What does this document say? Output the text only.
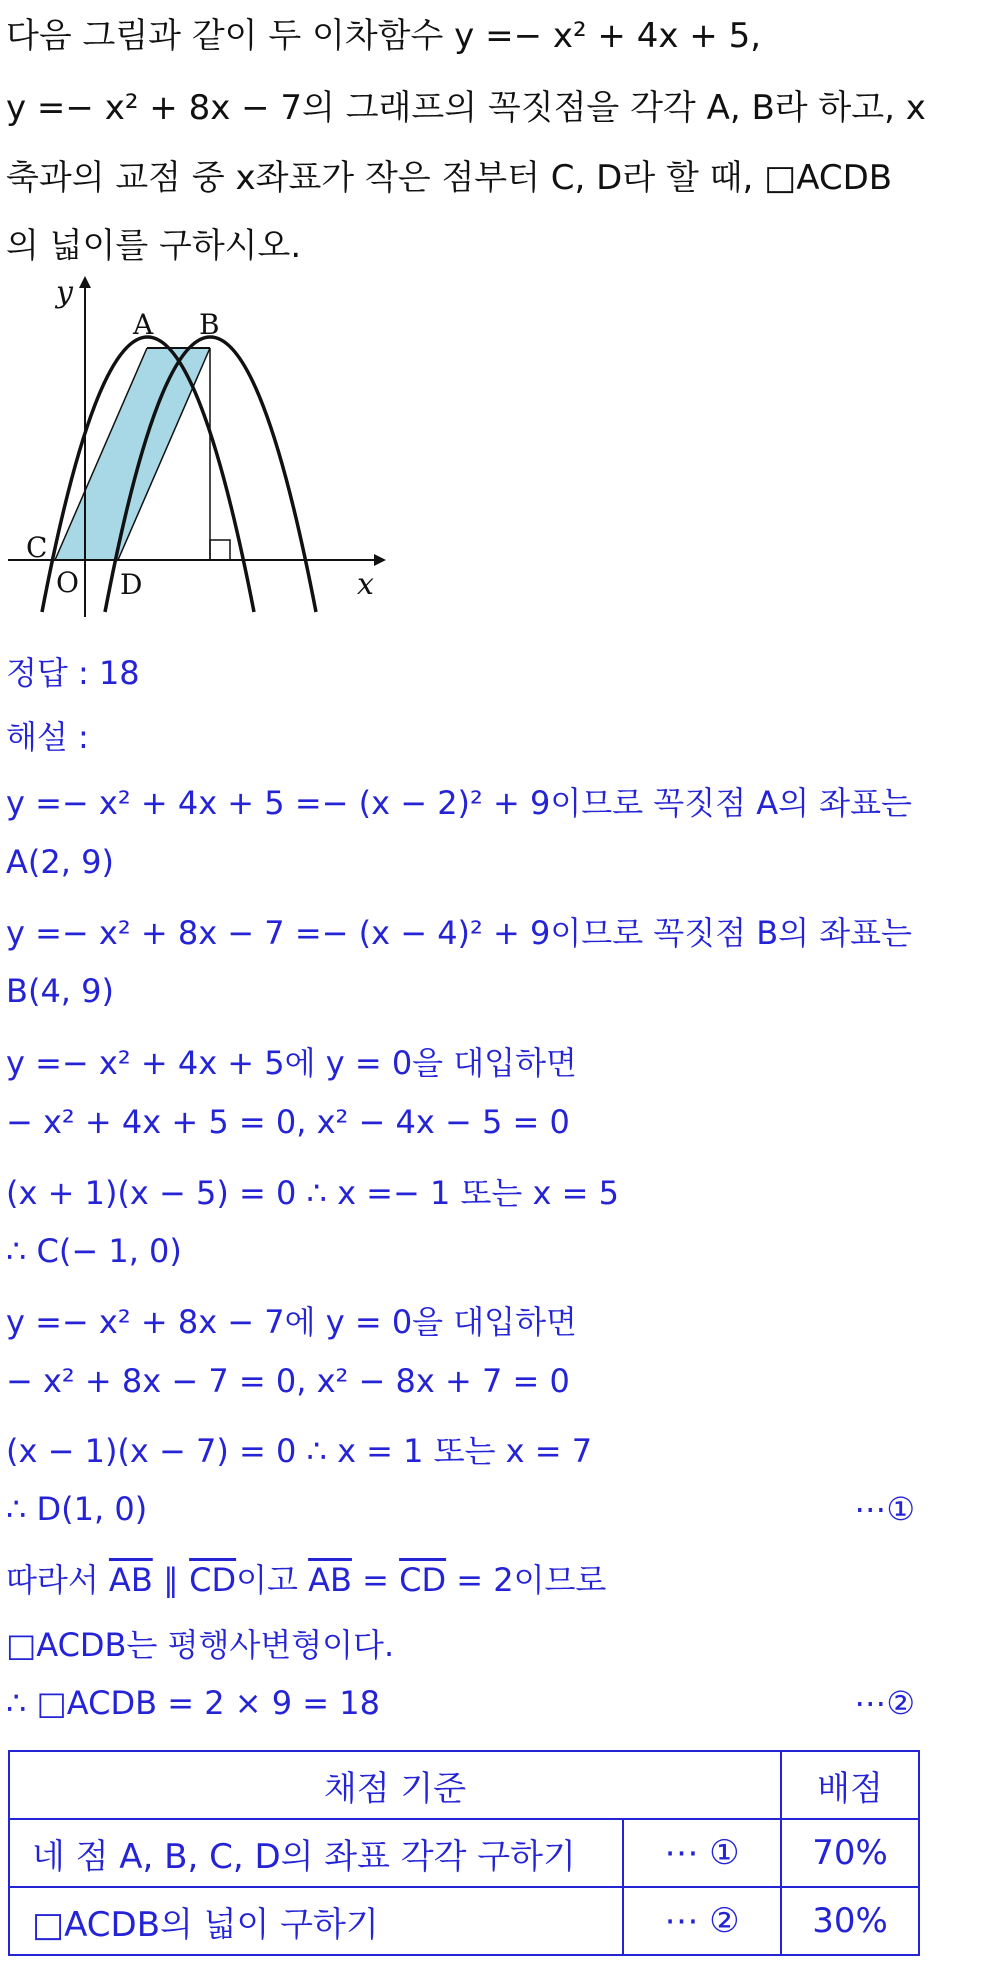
다음 그림과 같이 두 이차함수 y =− x² + 4x + 5,
y =− x² + 8x − 7의 그래프의 꼭짓점을 각각 A, B라 하고, x
축과의 교점 중 x좌표가 작은 점부터 C, D라 할 때, □ACDB
의 넓이를 구하시오.
y
x
A B
C
O D
정답 : 18
해설 :
y =− x² + 4x + 5 =− (x − 2)² + 9이므로 꼭짓점 A의 좌표는
A(2, 9)
y =− x² + 8x − 7 =− (x − 4)² + 9이므로 꼭짓점 B의 좌표는
B(4, 9)
y =− x² + 4x + 5에 y = 0을 대입하면
− x² + 4x + 5 = 0, x² − 4x − 5 = 0
(x + 1)(x − 5) = 0 ∴ x =− 1 또는 x = 5
∴ C(− 1, 0)
y =− x² + 8x − 7에 y = 0을 대입하면
− x² + 8x − 7 = 0, x² − 8x + 7 = 0
(x − 1)(x − 7) = 0 ∴ x = 1 또는 x = 7
∴ D(1, 0)	⋯①
따라서 $\overline{AB}$ ∥ $\overline{CD}$이고 $\overline{AB} = \overline{CD} = 2$이므로
□ACDB는 평행사변형이다.
∴ □ACDB = 2 × 9 = 18	⋯②
채점 기준		배점
네 점 A, B, C, D의 좌표 각각 구하기	⋯ ①	70%
□ACDB의 넓이 구하기	⋯ ②	30%
